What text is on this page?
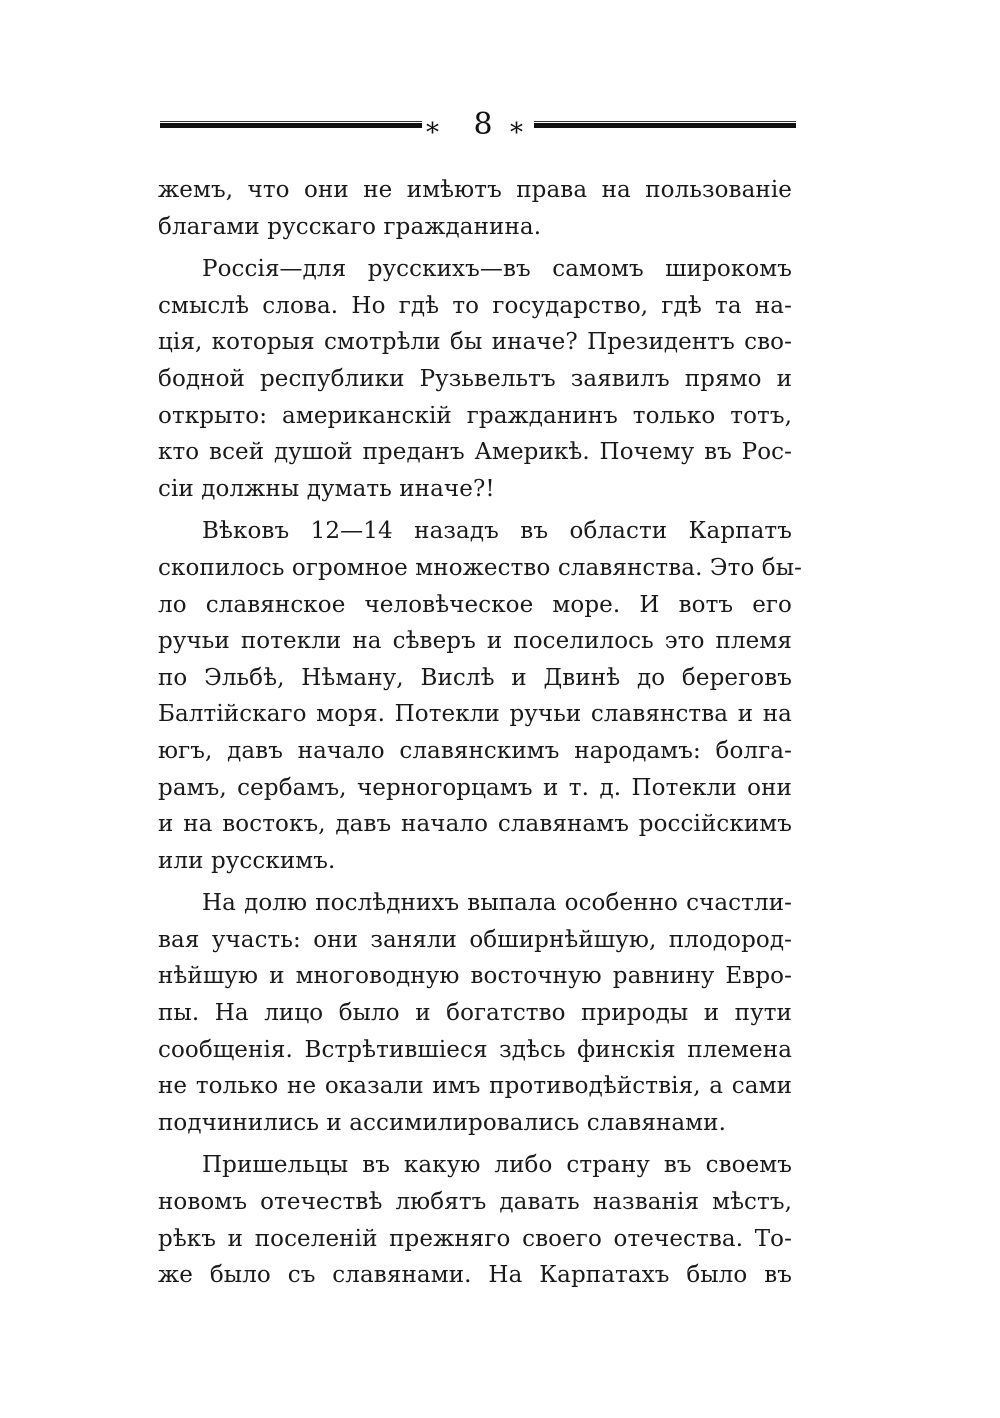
⁎	8 ⁎
жемъ, что они не имѣютъ права на пользованіе
благами русскаго гражданина.
Россія—для русскихъ—въ самомъ широкомъ
смыслѣ слова. Но гдѣ то государство, гдѣ та на-
ція, которыя смотрѣли бы иначе? Президентъ сво-
бодной республики Рузьвельтъ заявилъ прямо и
открыто: американскій гражданинъ только тотъ,
кто всей душой преданъ Америкѣ. Почему въ Рос-
сіи должны думать иначе?!
Вѣковъ 12—14 назадъ въ области Карпатъ
скопилось огромное множество славянства. Это бы-
ло славянское человѣческое море. И вотъ его
ручьи потекли на сѣверъ и поселилось это племя
по Эльбѣ, Нѣману, Вислѣ и Двинѣ до береговъ
Балтійскаго моря. Потекли ручьи славянства и на
югъ, давъ начало славянскимъ народамъ: болга-
рамъ, сербамъ, черногорцамъ и т. д. Потекли они
и на востокъ, давъ начало славянамъ россійскимъ
или русскимъ.
На долю послѣднихъ выпала особенно счастли-
вая участь: они заняли обширнѣйшую, плодород-
нѣйшую и многоводную восточную равнину Евро-
пы. На лицо было и богатство природы и пути
сообщенія. Встрѣтившіеся здѣсь финскія племена
не только не оказали имъ противодѣйствія, а сами
подчинились и ассимилировались славянами.
Пришельцы въ какую либо страну въ своемъ
новомъ отечествѣ любятъ давать названія мѣстъ,
рѣкъ и поселеній прежняго своего отечества. То-
же было съ славянами. На Карпатахъ было въ
